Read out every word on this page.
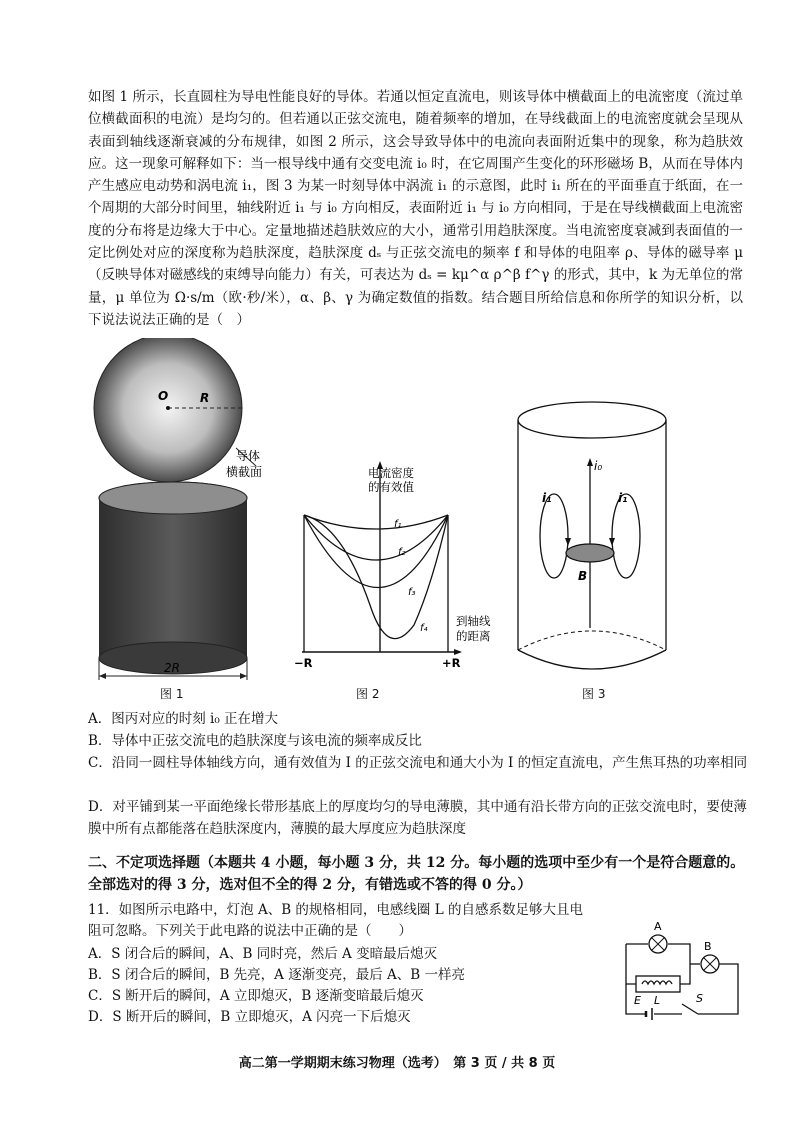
如图 1 所示，长直圆柱为导电性能良好的导体。若通以恒定直流电，则该导体中横截面上的电流密度（流过单位横截面积的电流）是均匀的。但若通以正弦交流电，随着频率的增加，在导线截面上的电流密度就会呈现从表面到轴线逐渐衰减的分布规律，如图 2 所示，这会导致导体中的电流向表面附近集中的现象，称为趋肤效应。这一现象可解释如下：当一根导线中通有交变电流 i₀ 时，在它周围产生变化的环形磁场 B，从而在导体内产生感应电动势和涡电流 i₁，图 3 为某一时刻导体中涡流 i₁ 的示意图，此时 i₁ 所在的平面垂直于纸面，在一个周期的大部分时间里，轴线附近 i₁ 与 i₀ 方向相反，表面附近 i₁ 与 i₀ 方向相同，于是在导线横截面上电流密度的分布将是边缘大于中心。定量地描述趋肤效应的大小，通常引用趋肤深度。当电流密度衰减到表面值的一定比例处对应的深度称为趋肤深度，趋肤深度 dₛ 与正弦交流电的频率 f 和导体的电阻率 ρ、导体的磁导率 μ（反映导体对磁感线的束缚导向能力）有关，可表达为 dₛ = kμ^α ρ^β f^γ 的形式，其中，k 为无单位的常量，μ 单位为 Ω·s/m（欧·秒/米），α、β、γ 为确定数值的指数。结合题目所给信息和你所学的知识分析，以下说法说法正确的是（　）
O	R
导体
横截面
2R
图 1
电流密度
的有效值
f₁
f₂
f₃
f₄
到轴线
的距离
−R	+R
图 2
i₀
i₁	i₁
B
图 3
A．图丙对应的时刻 i₀ 正在增大
B．导体中正弦交流电的趋肤深度与该电流的频率成反比
C．沿同一圆柱导体轴线方向，通有效值为 I 的正弦交流电和通大小为 I 的恒定直流电，产生焦耳热的功率相同
D．对平铺到某一平面绝缘长带形基底上的厚度均匀的导电薄膜，其中通有沿长带方向的正弦交流电时，要使薄膜中所有点都能落在趋肤深度内，薄膜的最大厚度应为趋肤深度
二、不定项选择题（本题共 4 小题，每小题 3 分，共 12 分。每小题的选项中至少有一个是符合题意的。全部选对的得 3 分，选对但不全的得 2 分，有错选或不答的得 0 分。）
11．如图所示电路中，灯泡 A、B 的规格相同，电感线圈 L 的自感系数足够大且电阻可忽略。下列关于此电路的说法中正确的是（　　）
A．S 闭合后的瞬间，A、B 同时亮，然后 A 变暗最后熄灭
B．S 闭合后的瞬间，B 先亮，A 逐渐变亮，最后 A、B 一样亮
C．S 断开后的瞬间，A 立即熄灭，B 逐渐变暗最后熄灭
D．S 断开后的瞬间，B 立即熄灭，A 闪亮一下后熄灭
A
L
B
S
E
高二第一学期期末练习物理（选考）　第 3 页 / 共 8 页
